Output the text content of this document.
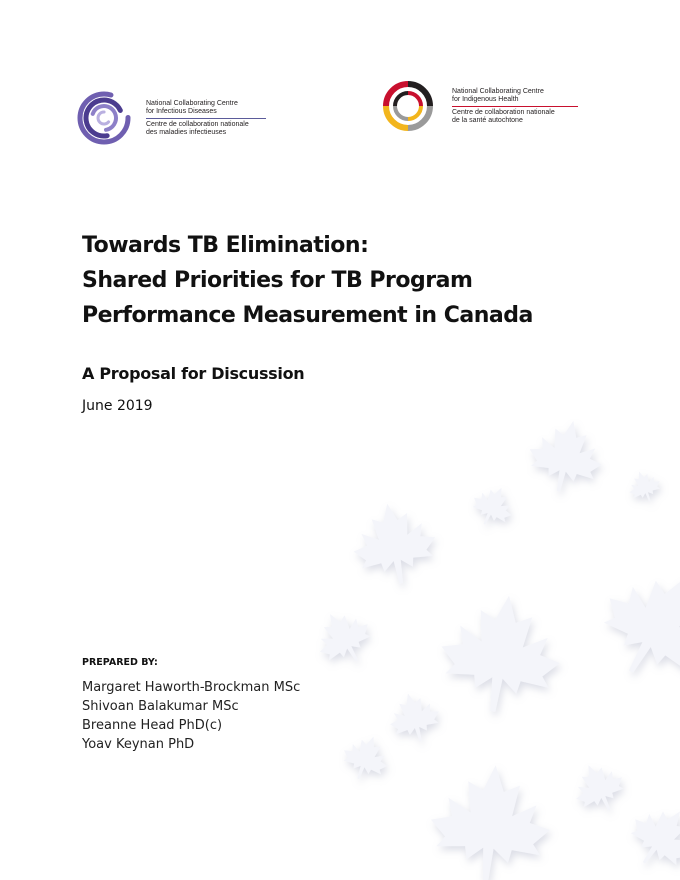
National Collaborating Centre
for Infectious Diseases
Centre de collaboration nationale
des maladies infectieuses
National Collaborating Centre
for Indigenous Health
Centre de collaboration nationale
de la santé autochtone
Towards TB Elimination:
Shared Priorities for TB Program
Performance Measurement in Canada
A Proposal for Discussion
June 2019
PREPARED BY:
Margaret Haworth-Brockman MSc
Shivoan Balakumar MSc
Breanne Head PhD(c)
Yoav Keynan PhD
